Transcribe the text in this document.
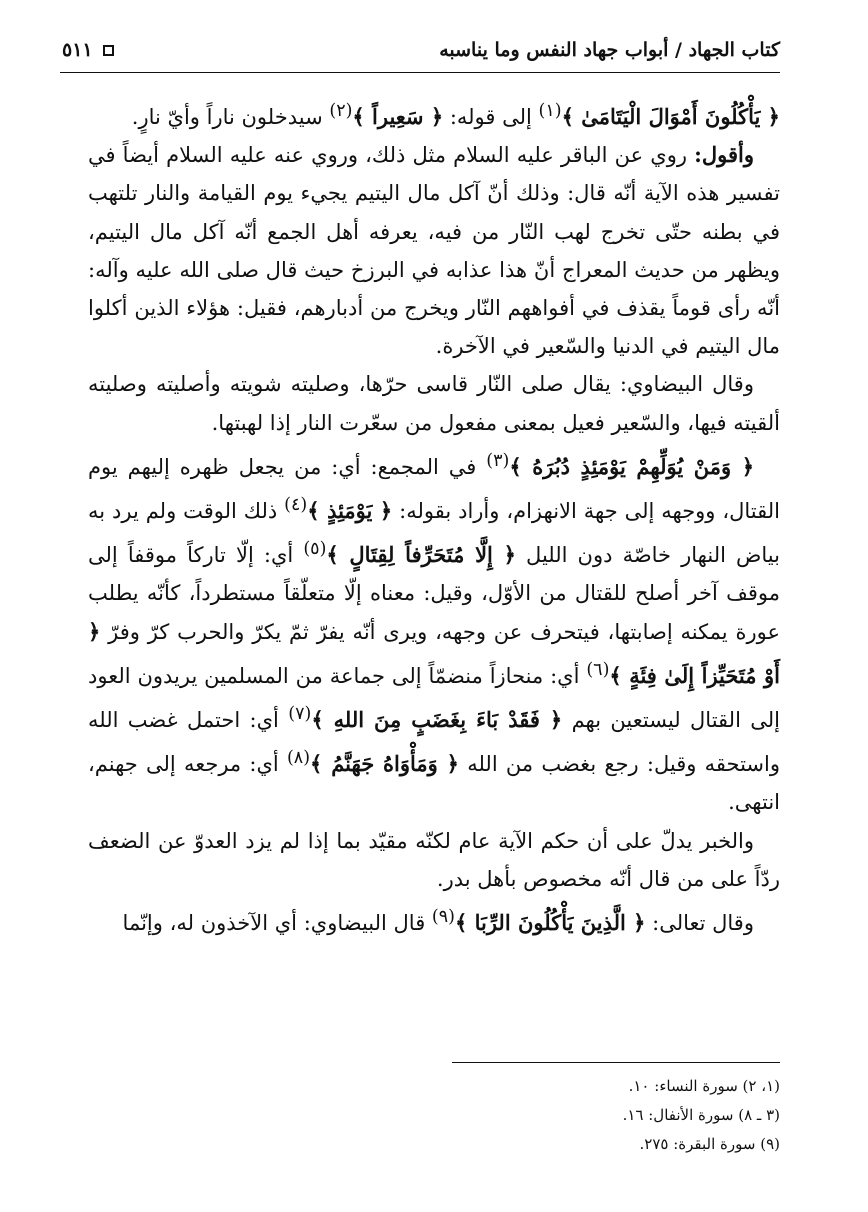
كتاب الجهاد / أبواب جهاد النفس وما يناسبه
٥١١

﴿ يَأْكُلُونَ أَمْوَالَ الْيَتَامَىٰ ﴾$^{(١)}$ إلى قوله: ﴿ سَعِيراً ﴾$^{(٢)}$ سيدخلون ناراً وأيّ نارٍ.

وأقول: روي عن الباقر عليه السلام مثل ذلك، وروي عنه عليه السلام أيضاً في تفسير هذه الآية أنّه قال: وذلك أنّ آكل مال اليتيم يجيء يوم القيامة والنار تلتهب في بطنه حتّى تخرج لهب النّار من فيه، يعرفه أهل الجمع أنّه آكل مال اليتيم، ويظهر من حديث المعراج أنّ هذا عذابه في البرزخ حيث قال صلى الله عليه وآله: أنّه رأى قوماً يقذف في أفواههم النّار ويخرج من أدبارهم، فقيل: هؤلاء الذين أكلوا مال اليتيم في الدنيا والسّعير في الآخرة.

وقال البيضاوي: يقال صلى النّار قاسى حرّها، وصليته شويته وأصليته وصليته ألقيته فيها، والسّعير فعيل بمعنى مفعول من سعّرت النار إذا لهبتها.

﴿ وَمَنْ يُوَلِّهِمْ يَوْمَئِذٍ دُبُرَهُ ﴾$^{(٣)}$ في المجمع: أي: من يجعل ظهره إليهم يوم القتال، ووجهه إلى جهة الانهزام، وأراد بقوله: ﴿ يَوْمَئِذٍ ﴾$^{(٤)}$ ذلك الوقت ولم يرد به بياض النهار خاصّة دون الليل ﴿ إِلَّا مُتَحَرِّفاً لِقِتَالٍ ﴾$^{(٥)}$ أي: إلّا تاركاً موقفاً إلى موقف آخر أصلح للقتال من الأوّل، وقيل: معناه إلّا متعلّقاً مستطرداً، كأنّه يطلب عورة يمكنه إصابتها، فيتحرف عن وجهه، ويرى أنّه يفرّ ثمّ يكرّ والحرب كرّ وفرّ ﴿ أَوْ مُتَحَيِّزاً إِلَىٰ فِئَةٍ ﴾$^{(٦)}$ أي: منحازاً منضمّاً إلى جماعة من المسلمين يريدون العود إلى القتال ليستعين بهم ﴿ فَقَدْ بَاءَ بِغَضَبٍ مِنَ اللهِ ﴾$^{(٧)}$ أي: احتمل غضب الله واستحقه وقيل: رجع بغضب من الله ﴿ وَمَأْوَاهُ جَهَنَّمُ ﴾$^{(٨)}$ أي: مرجعه إلى جهنم، انتهى.

والخبر يدلّ على أن حكم الآية عام لكنّه مقيّد بما إذا لم يزد العدوّ عن الضعف ردّاً على من قال أنّه مخصوص بأهل بدر.

وقال تعالى: ﴿ الَّذِينَ يَأْكُلُونَ الرِّبَا ﴾$^{(٩)}$ قال البيضاوي: أي الآخذون له، وإنّما

(١، ٢) سورة النساء: ١٠.
(٣ ـ ٨) سورة الأنفال: ١٦.
(٩) سورة البقرة: ٢٧٥.
